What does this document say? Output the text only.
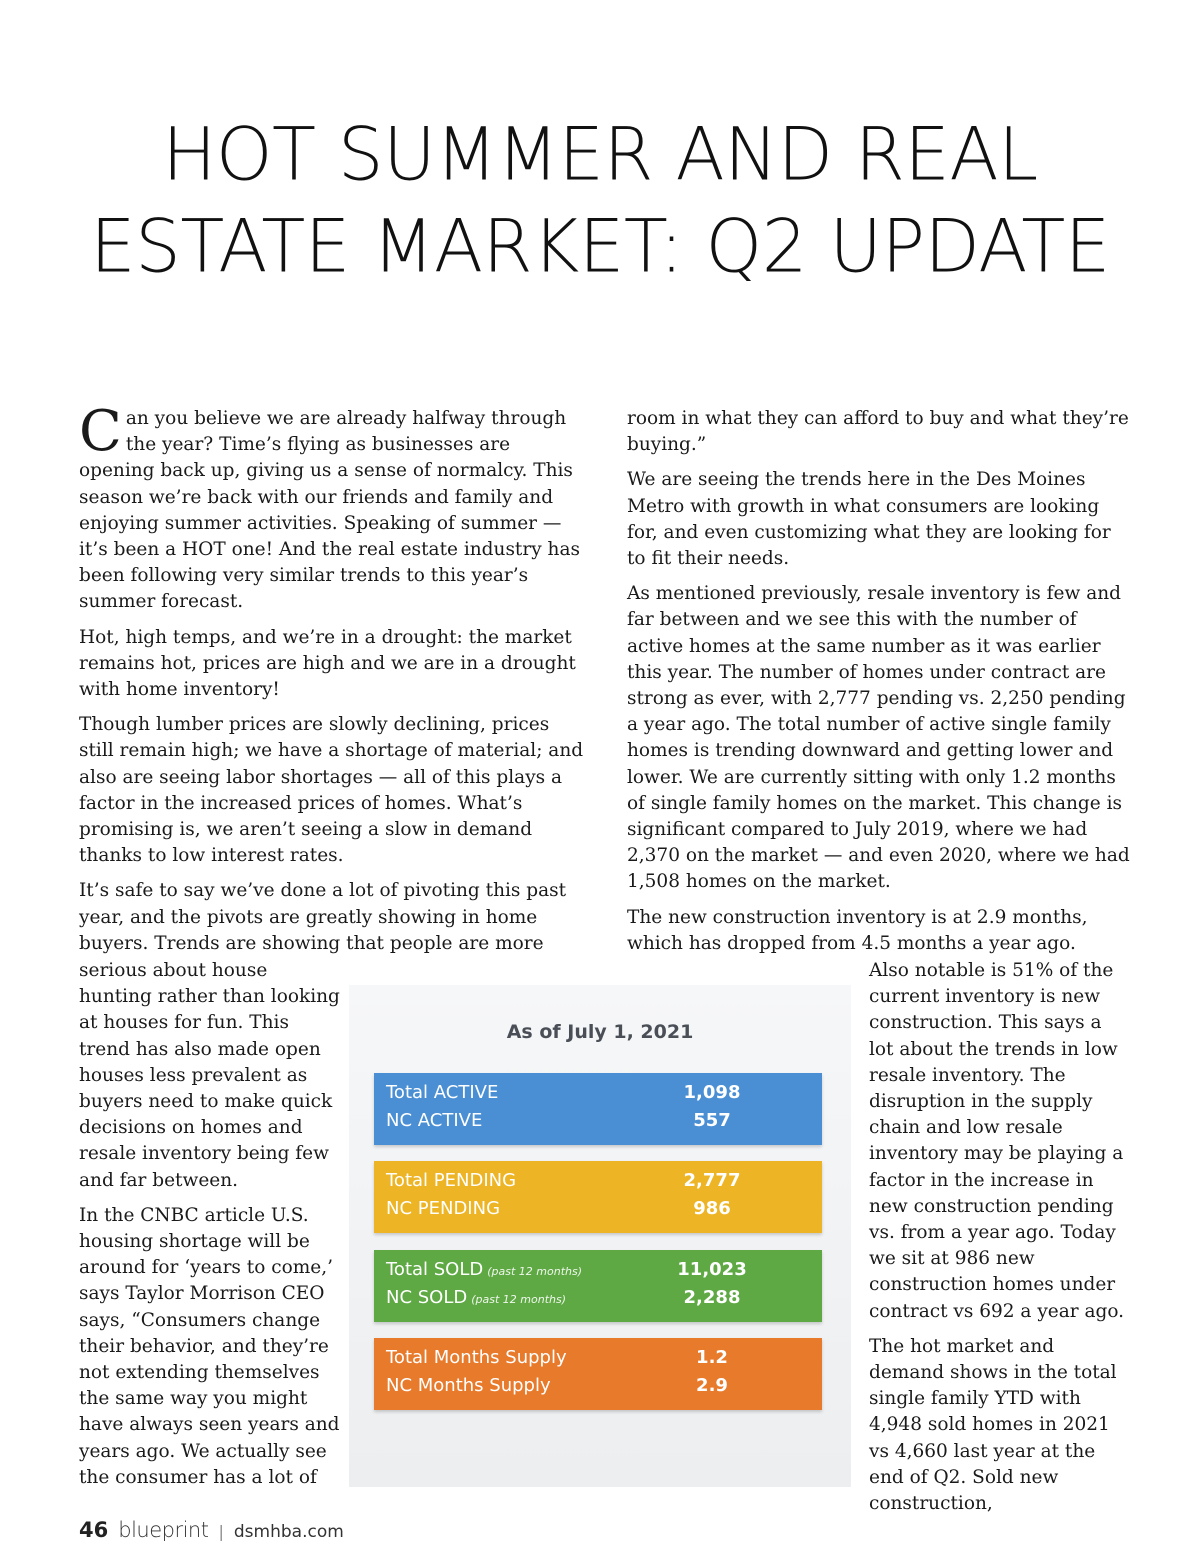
HOT SUMMER AND REAL
ESTATE MARKET: Q2 UPDATE

Can you believe we are already halfway through the year? Time’s flying as businesses are opening back up, giving us a sense of normalcy. This season we’re back with our friends and family and enjoying summer activities. Speaking of summer — it’s been a HOT one! And the real estate industry has been following very similar trends to this year’s summer forecast.

Hot, high temps, and we’re in a drought: the market remains hot, prices are high and we are in a drought with home inventory!

Though lumber prices are slowly declining, prices still remain high; we have a shortage of material; and also are seeing labor shortages — all of this plays a factor in the increased prices of homes. What’s promising is, we aren’t seeing a slow in demand thanks to low interest rates.

It’s safe to say we’ve done a lot of pivoting this past year, and the pivots are greatly showing in home buyers. Trends are showing that people are more

serious about house hunting rather than looking at houses for fun. This trend has also made open houses less prevalent as buyers need to make quick decisions on homes and resale inventory being few and far between.

In the CNBC article U.S. housing shortage will be around for ‘years to come,’ says Taylor Morrison CEO says, “Consumers change their behavior, and they’re not extending themselves the same way you might have always seen years and years ago. We actually see the consumer has a lot of

room in what they can afford to buy and what they’re buying.”

We are seeing the trends here in the Des Moines Metro with growth in what consumers are looking for, and even customizing what they are looking for to fit their needs.

As mentioned previously, resale inventory is few and far between and we see this with the number of active homes at the same number as it was earlier this year. The number of homes under contract are strong as ever, with 2,777 pending vs. 2,250 pending a year ago. The total number of active single family homes is trending downward and getting lower and lower. We are currently sitting with only 1.2 months of single family homes on the market. This change is significant compared to July 2019, where we had 2,370 on the market — and even 2020, where we had 1,508 homes on the market.

The new construction inventory is at 2.9 months, which has dropped from 4.5 months a year ago.

Also notable is 51% of the current inventory is new construction. This says a lot about the trends in low resale inventory. The disruption in the supply chain and low resale inventory may be playing a factor in the increase in new construction pending vs. from a year ago. Today we sit at 986 new construction homes under contract vs 692 a year ago.

The hot market and demand shows in the total single family YTD with 4,948 sold homes in 2021 vs 4,660 last year at the end of Q2. Sold new construction,

As of July 1, 2021
Total ACTIVE	1,098
NC ACTIVE	557
Total PENDING	2,777
NC PENDING	986
Total SOLD (past 12 months)	11,023
NC SOLD (past 12 months)	2,288
Total Months Supply	1.2
NC Months Supply	2.9
46 blueprint | dsmhba.com
